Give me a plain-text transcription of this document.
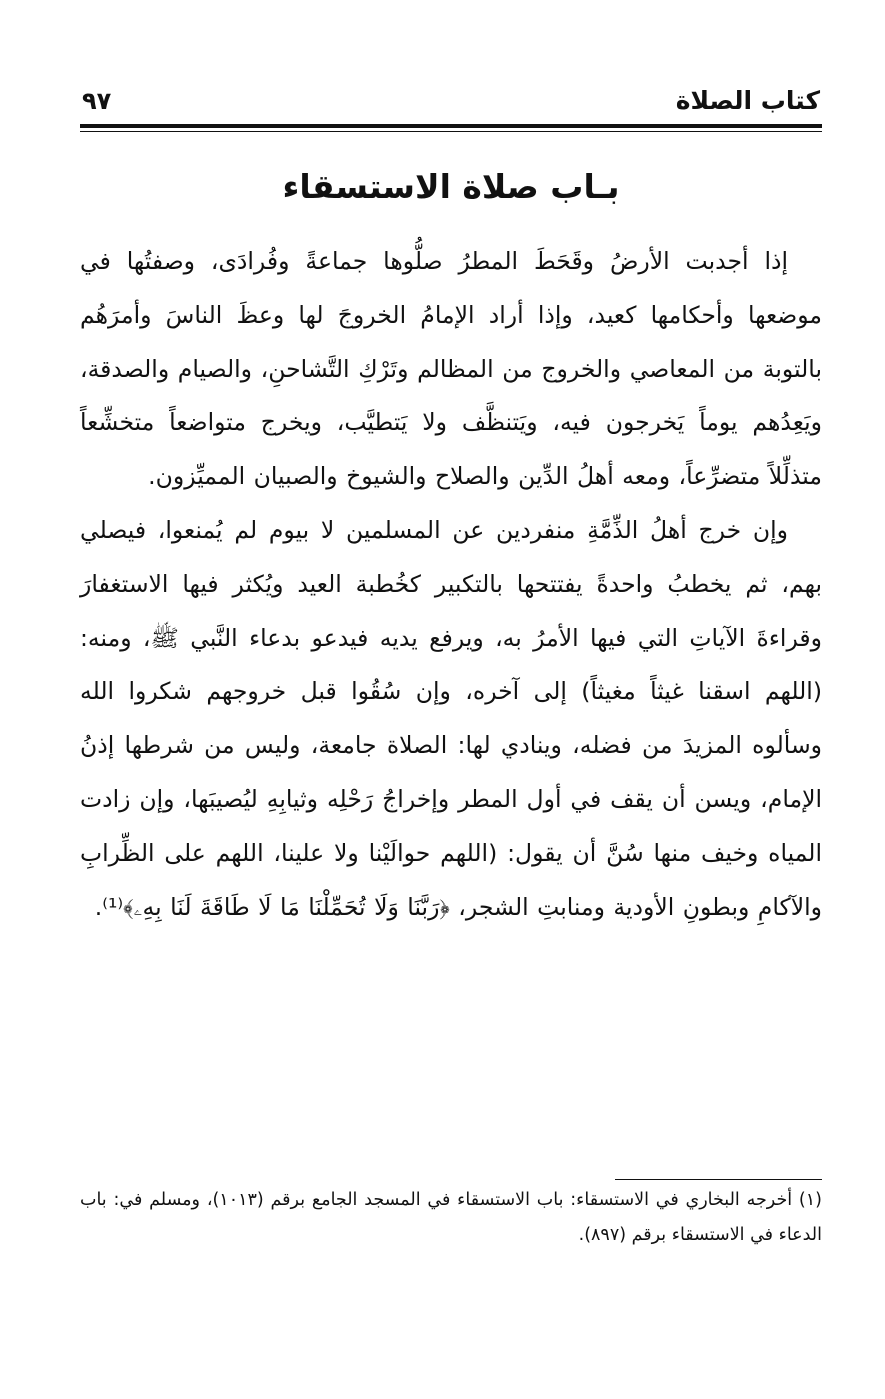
كتاب الصلاة
٩٧
بـاب صلاة الاستسقاء

إذا أجدبت الأرضُ وقَحَطَ المطرُ صلُّوها جماعةً وفُرادَى، وصفتُها في موضعها وأحكامها كعيد، وإذا أراد الإمامُ الخروجَ لها وعظَ الناسَ وأمرَهُم بالتوبة من المعاصي والخروج من المظالم وتَرْكِ التَّشاحنِ، والصيام والصدقة، ويَعِدُهم يوماً يَخرجون فيه، ويَتنظَّف ولا يَتطيَّب، ويخرج متواضعاً متخشِّعاً متذلِّلاً متضرِّعاً، ومعه أهلُ الدِّين والصلاح والشيوخ والصبيان المميِّزون.

وإن خرج أهلُ الذِّمَّةِ منفردين عن المسلمين لا بيوم لم يُمنعوا، فيصلي بهم، ثم يخطبُ واحدةً يفتتحها بالتكبير كخُطبة العيد ويُكثر فيها الاستغفارَ وقراءةَ الآياتِ التي فيها الأمرُ به، ويرفع يديه فيدعو بدعاء النَّبي ﷺ، ومنه: (اللهم اسقنا غيثاً مغيثاً) إلى آخره، وإن سُقُوا قبل خروجهم شكروا الله وسألوه المزيدَ من فضله، وينادي لها: الصلاة جامعة، وليس من شرطها إذنُ الإمام، ويسن أن يقف في أول المطر وإخراجُ رَحْلِه وثيابِهِ ليُصيبَها، وإن زادت المياه وخيف منها سُنَّ أن يقول: (اللهم حوالَيْنا ولا علينا، اللهم على الظِّرابِ والآكامِ وبطونِ الأودية ومنابتِ الشجر، ﴿رَبَّنَا وَلَا تُحَمِّلْنَا مَا لَا طَاقَةَ لَنَا بِهِۦ﴾⁽¹⁾.

(١) أخرجه البخاري في الاستسقاء: باب الاستسقاء في المسجد الجامع برقم (١٠١٣)، ومسلم في: باب الدعاء في الاستسقاء برقم (٨٩٧).
